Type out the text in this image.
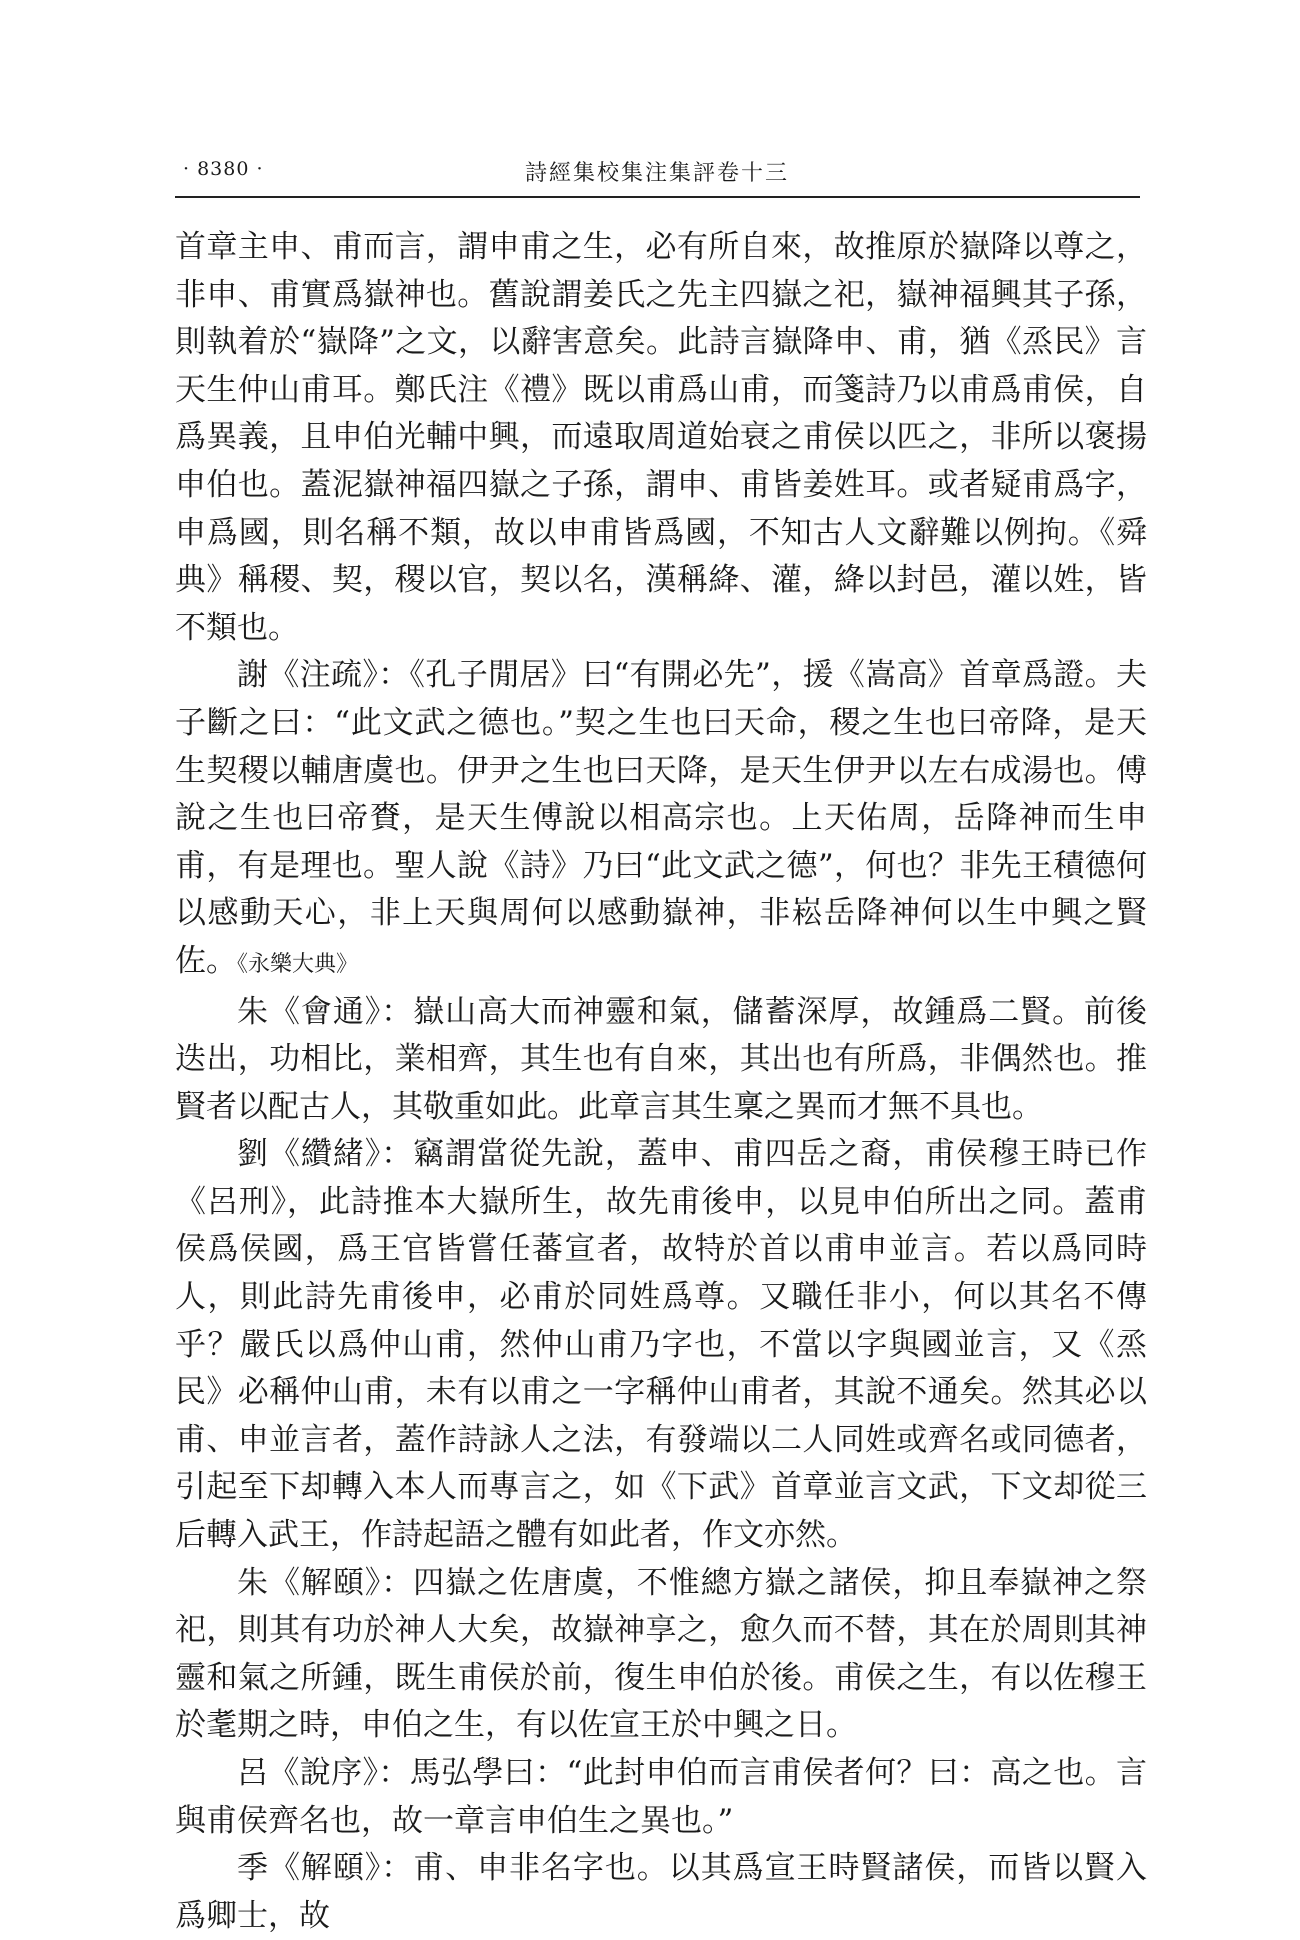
· 8380 ·	詩經集校集注集評卷十三

首章主申、甫而言，謂申甫之生，必有所自來，故推原於嶽降以尊之，非申、甫實爲嶽神也。舊說謂姜氏之先主四嶽之祀，嶽神福興其子孫，則執着於“嶽降”之文，以辭害意矣。此詩言嶽降申、甫，猶《烝民》言天生仲山甫耳。鄭氏注《禮》既以甫爲山甫，而箋詩乃以甫爲甫侯，自爲異義，且申伯光輔中興，而遠取周道始衰之甫侯以匹之，非所以褒揚申伯也。蓋泥嶽神福四嶽之子孫，謂申、甫皆姜姓耳。或者疑甫爲字，申爲國，則名稱不類，故以申甫皆爲國，不知古人文辭難以例拘。《舜典》稱稷、契，稷以官，契以名，漢稱絳、灌，絳以封邑，灌以姓，皆不類也。

謝《注疏》：《孔子閒居》曰“有開必先”，援《嵩高》首章爲證。夫子斷之曰：“此文武之德也。”契之生也曰天命，稷之生也曰帝降，是天生契稷以輔唐虞也。伊尹之生也曰天降，是天生伊尹以左右成湯也。傅說之生也曰帝賚，是天生傅說以相高宗也。上天佑周，岳降神而生申甫，有是理也。聖人說《詩》乃曰“此文武之德”，何也？非先王積德何以感動天心，非上天與周何以感動嶽神，非崧岳降神何以生中興之賢佐。《永樂大典》

朱《會通》：嶽山高大而神靈和氣，儲蓄深厚，故鍾爲二賢。前後迭出，功相比，業相齊，其生也有自來，其出也有所爲，非偶然也。推賢者以配古人，其敬重如此。此章言其生稟之異而才無不具也。

劉《纘緒》：竊謂當從先說，蓋申、甫四岳之裔，甫侯穆王時已作《呂刑》，此詩推本大嶽所生，故先甫後申，以見申伯所出之同。蓋甫侯爲侯國，爲王官皆嘗任蕃宣者，故特於首以甫申並言。若以爲同時人，則此詩先甫後申，必甫於同姓爲尊。又職任非小，何以其名不傳乎？嚴氏以爲仲山甫，然仲山甫乃字也，不當以字與國並言，又《烝民》必稱仲山甫，未有以甫之一字稱仲山甫者，其說不通矣。然其必以甫、申並言者，蓋作詩詠人之法，有發端以二人同姓或齊名或同德者，引起至下却轉入本人而專言之，如《下武》首章並言文武，下文却從三后轉入武王，作詩起語之體有如此者，作文亦然。

朱《解頤》：四嶽之佐唐虞，不惟總方嶽之諸侯，抑且奉嶽神之祭祀，則其有功於神人大矣，故嶽神享之，愈久而不替，其在於周則其神靈和氣之所鍾，既生甫侯於前，復生申伯於後。甫侯之生，有以佐穆王於耄期之時，申伯之生，有以佐宣王於中興之日。

呂《說序》：馬弘學曰：“此封申伯而言甫侯者何？曰：高之也。言與甫侯齊名也，故一章言申伯生之異也。”

季《解頤》：甫、申非名字也。以其爲宣王時賢諸侯，而皆以賢入爲卿士，故
